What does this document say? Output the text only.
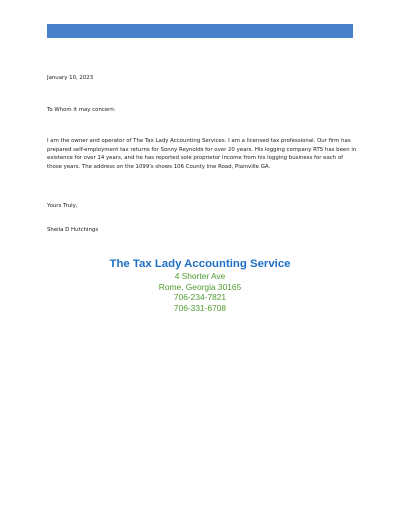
January 10, 2023
To Whom it may concern:

I am the owner and operator of The Tax Lady Accounting Services. I am a licensed tax professional. Our firm has prepared self-employment tax returns for Sonny Reynolds for over 20 years. His logging company RTS has been in existence for over 14 years, and he has reported sole proprietor income from his logging business for each of those years. The address on the 1099's shows 106 County line Road, Plainville GA.

Yours Truly,
Sheila D Hutchings
The Tax Lady Accounting Service
4 Shorter Ave
Rome, Georgia 30165
706-234-7821
706-331-6708
